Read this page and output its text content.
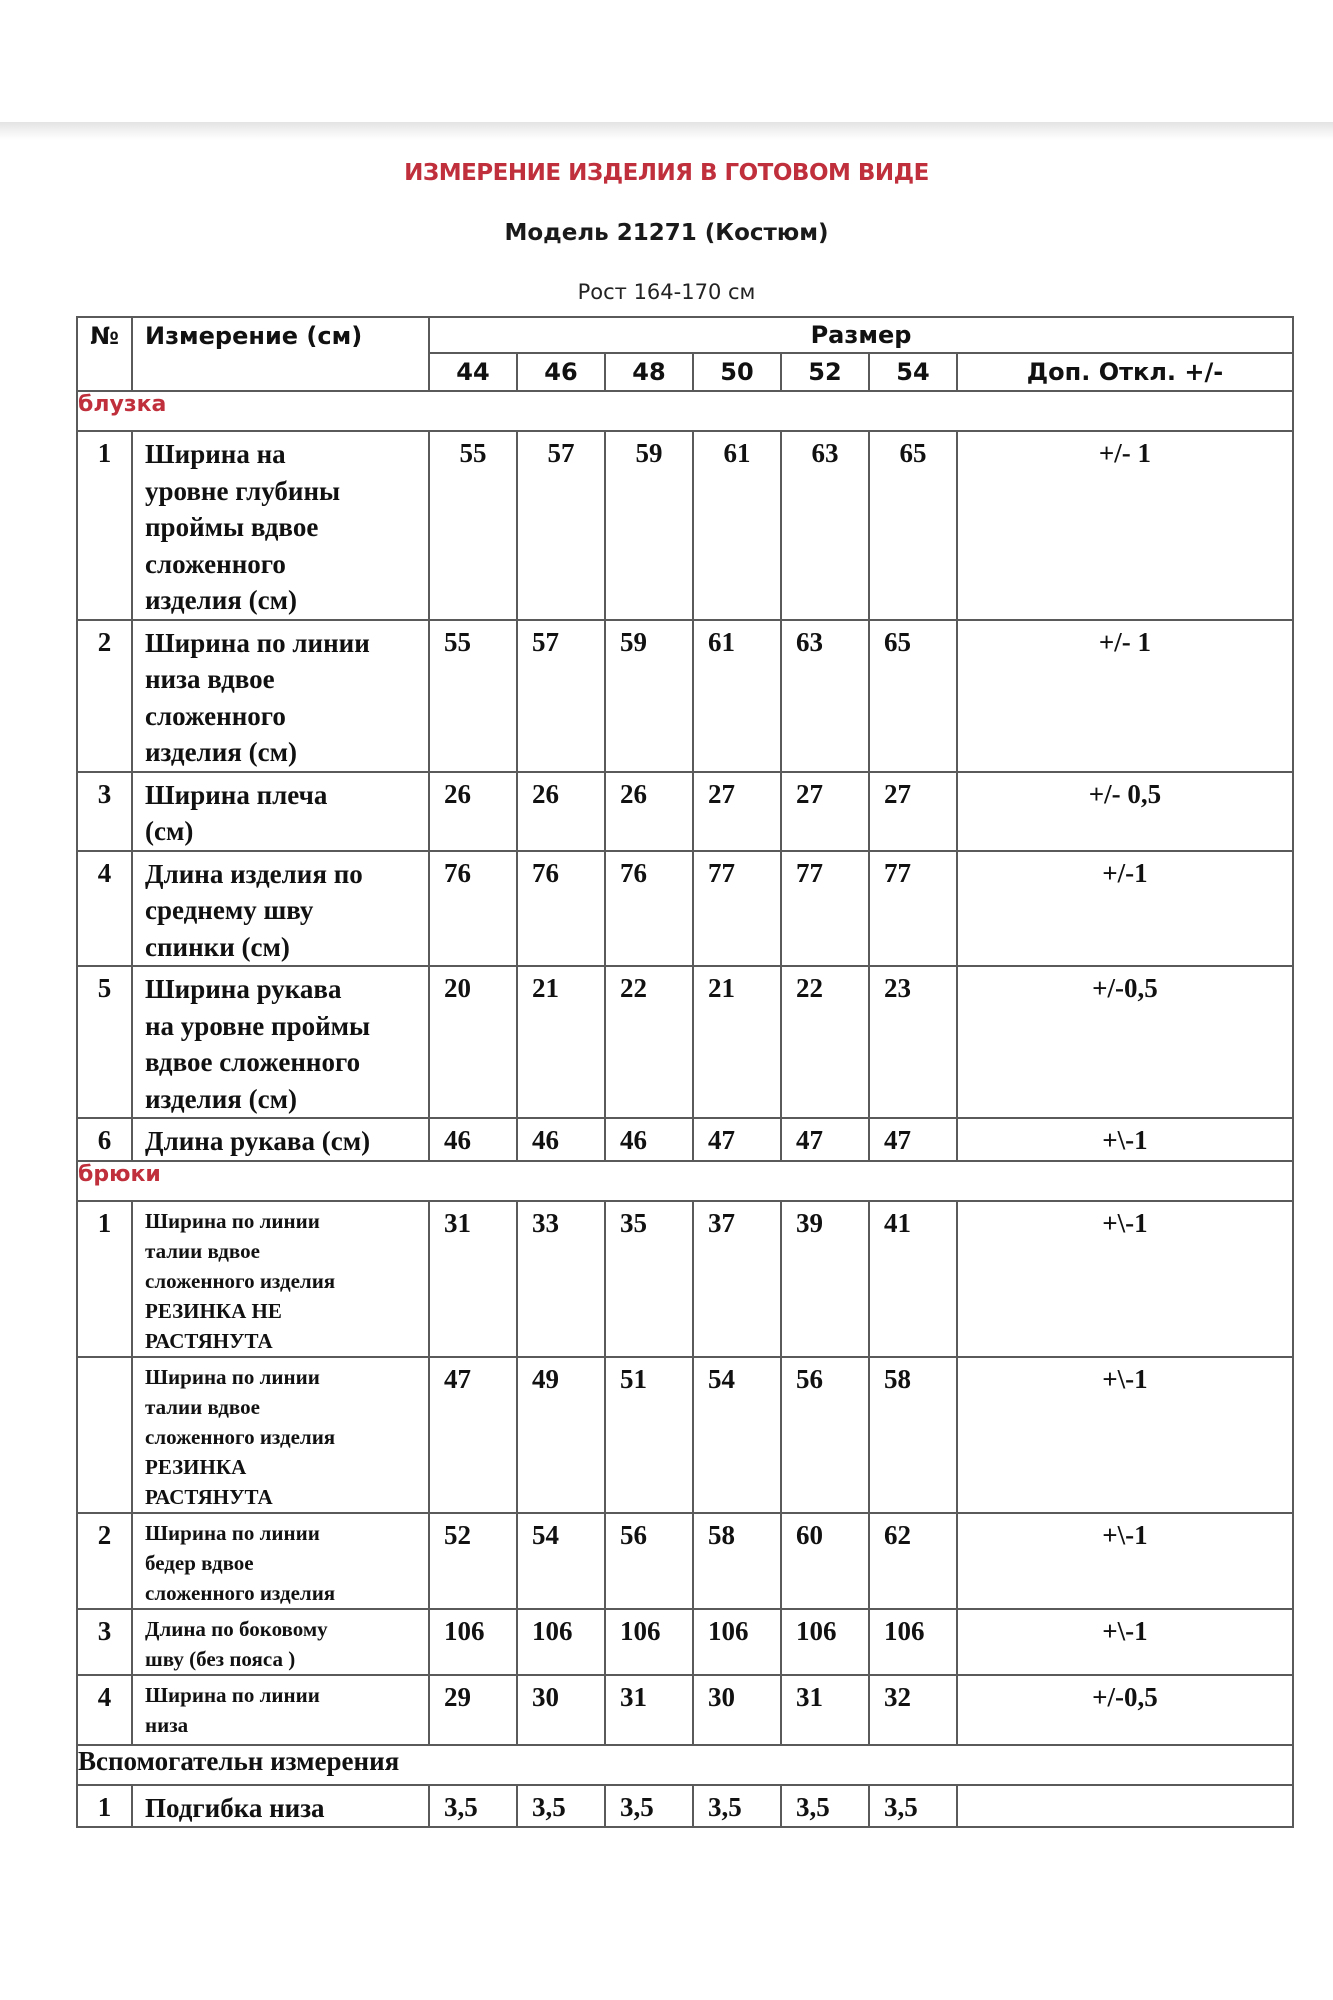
ИЗМЕРЕНИЕ ИЗДЕЛИЯ В ГОТОВОМ ВИДЕ
Модель 21271 (Костюм)
Рост 164-170 см
№	Измерение (см)	Размер						
		44	46	48	50	52	54	Доп. Откл. +/-
блузка								
1	Ширина на
уровне глубины
проймы вдвое
сложенного
изделия (см)	55	57	59	61	63	65	+/- 1
2	Ширина по линии
низа вдвое
сложенного
изделия (см)	55	57	59	61	63	65	+/- 1
3	Ширина плеча
(см)	26	26	26	27	27	27	+/- 0,5
4	Длина изделия по
среднему шву
спинки (см)	76	76	76	77	77	77	+/-1
5	Ширина рукава
на уровне проймы
вдвое сложенного
изделия (см)	20	21	22	21	22	23	+/-0,5
6	Длина рукава (см)	46	46	46	47	47	47	+\-1
брюки								
1	Ширина по линии
талии вдвое
сложенного изделия
РЕЗИНКА НЕ
РАСТЯНУТА	31	33	35	37	39	41	+\-1
	Ширина по линии
талии вдвое
сложенного изделия
РЕЗИНКА
РАСТЯНУТА	47	49	51	54	56	58	+\-1
2	Ширина по линии
бедер вдвое
сложенного изделия	52	54	56	58	60	62	+\-1
3	Длина по боковому
шву (без пояса )	106	106	106	106	106	106	+\-1
4	Ширина по линии
низа	29	30	31	30	31	32	+/-0,5
Вспомогательн измерения								
1	Подгибка низа	3,5	3,5	3,5	3,5	3,5	3,5	
